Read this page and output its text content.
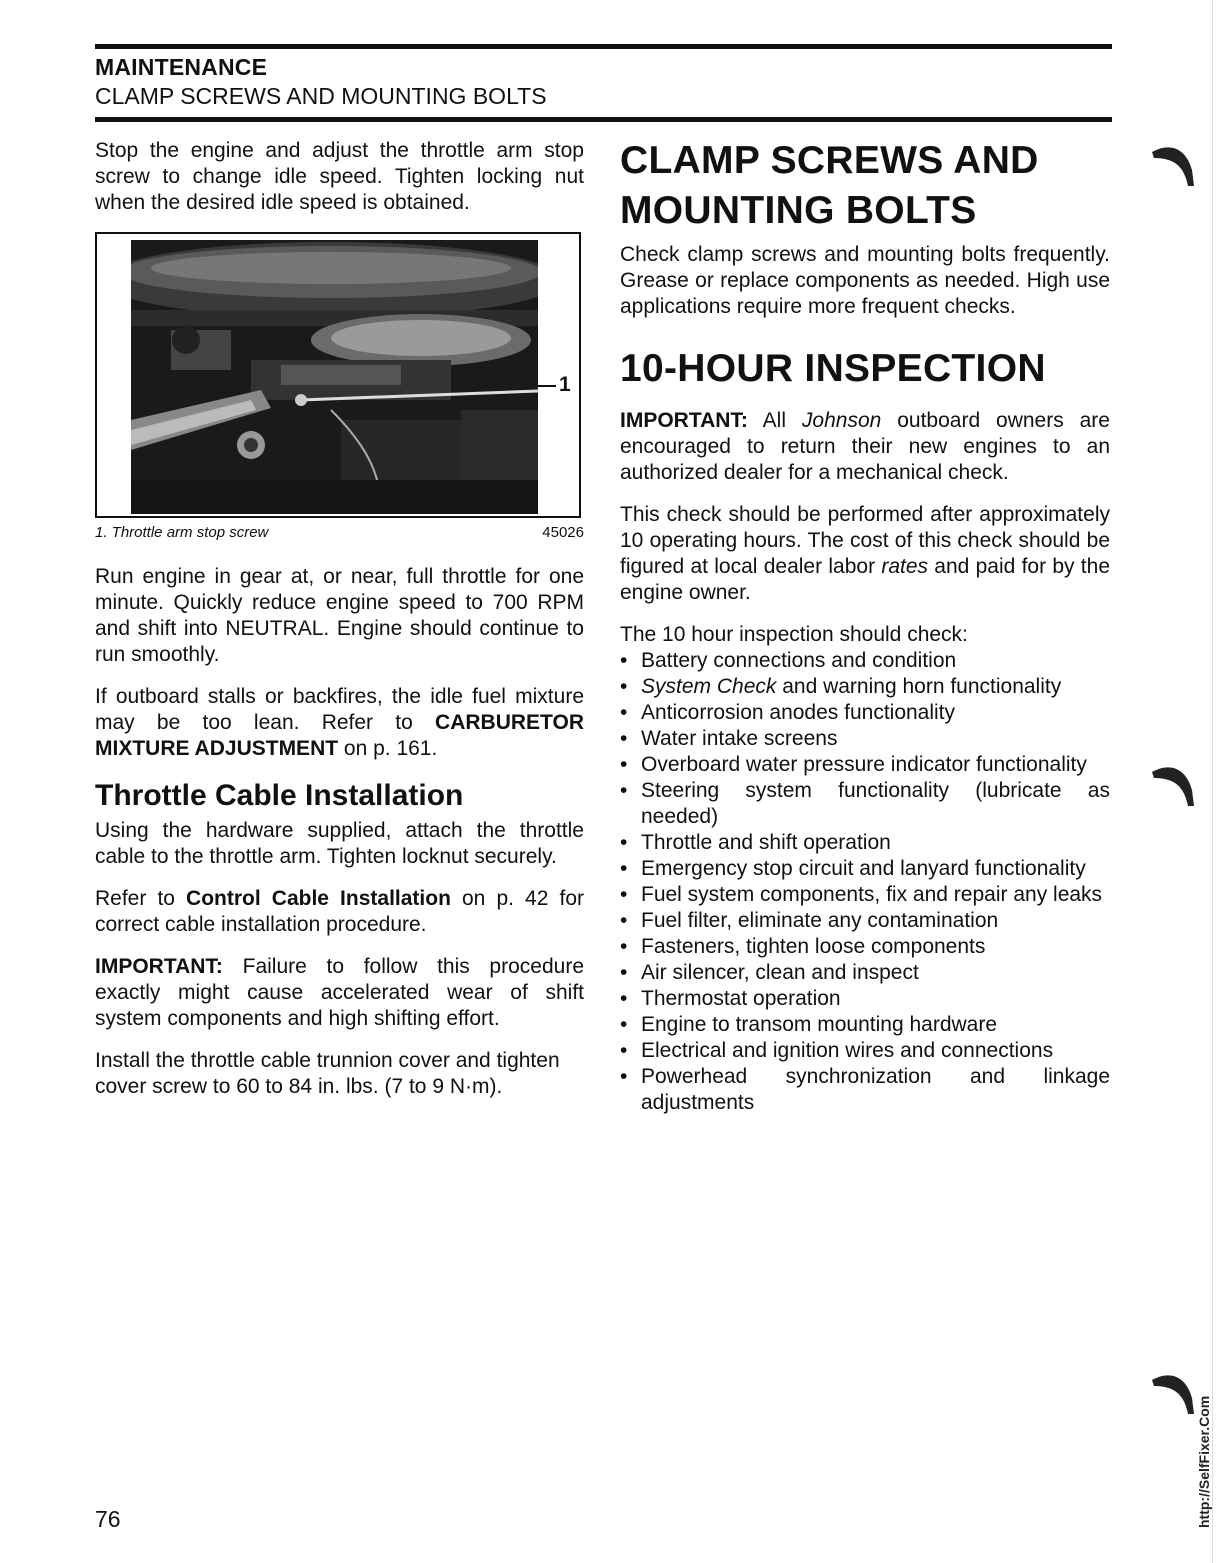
MAINTENANCE
CLAMP SCREWS AND MOUNTING BOLTS

Stop the engine and adjust the throttle arm stop screw to change idle speed. Tighten locking nut when the desired idle speed is obtained.

1
1. Throttle arm stop screw	45026

Run engine in gear at, or near, full throttle for one minute. Quickly reduce engine speed to 700 RPM and shift into NEUTRAL. Engine should continue to run smoothly.

If outboard stalls or backfires, the idle fuel mixture may be too lean. Refer to CARBURETOR MIXTURE ADJUSTMENT on p. 161.

Throttle Cable Installation

Using the hardware supplied, attach the throttle cable to the throttle arm. Tighten locknut securely.

Refer to Control Cable Installation on p. 42 for correct cable installation procedure.

IMPORTANT: Failure to follow this procedure exactly might cause accelerated wear of shift system components and high shifting effort.

Install the throttle cable trunnion cover and tighten cover screw to 60 to 84 in. lbs. (7 to 9 N·m).

CLAMP SCREWS AND MOUNTING BOLTS

Check clamp screws and mounting bolts frequently. Grease or replace components as needed. High use applications require more frequent checks.

10-HOUR INSPECTION

IMPORTANT: All Johnson outboard owners are encouraged to return their new engines to an authorized dealer for a mechanical check.

This check should be performed after approximately 10 operating hours. The cost of this check should be figured at local dealer labor rates and paid for by the engine owner.

The 10 hour inspection should check:

• Battery connections and condition
• System Check and warning horn functionality
• Anticorrosion anodes functionality
• Water intake screens
• Overboard water pressure indicator functionality
• Steering system functionality (lubricate as needed)
• Throttle and shift operation
• Emergency stop circuit and lanyard functionality
• Fuel system components, fix and repair any leaks
• Fuel filter, eliminate any contamination
• Fasteners, tighten loose components
• Air silencer, clean and inspect
• Thermostat operation
• Engine to transom mounting hardware
• Electrical and ignition wires and connections
• Powerhead synchronization and linkage adjustments
76	http://SelfFixer.Com
